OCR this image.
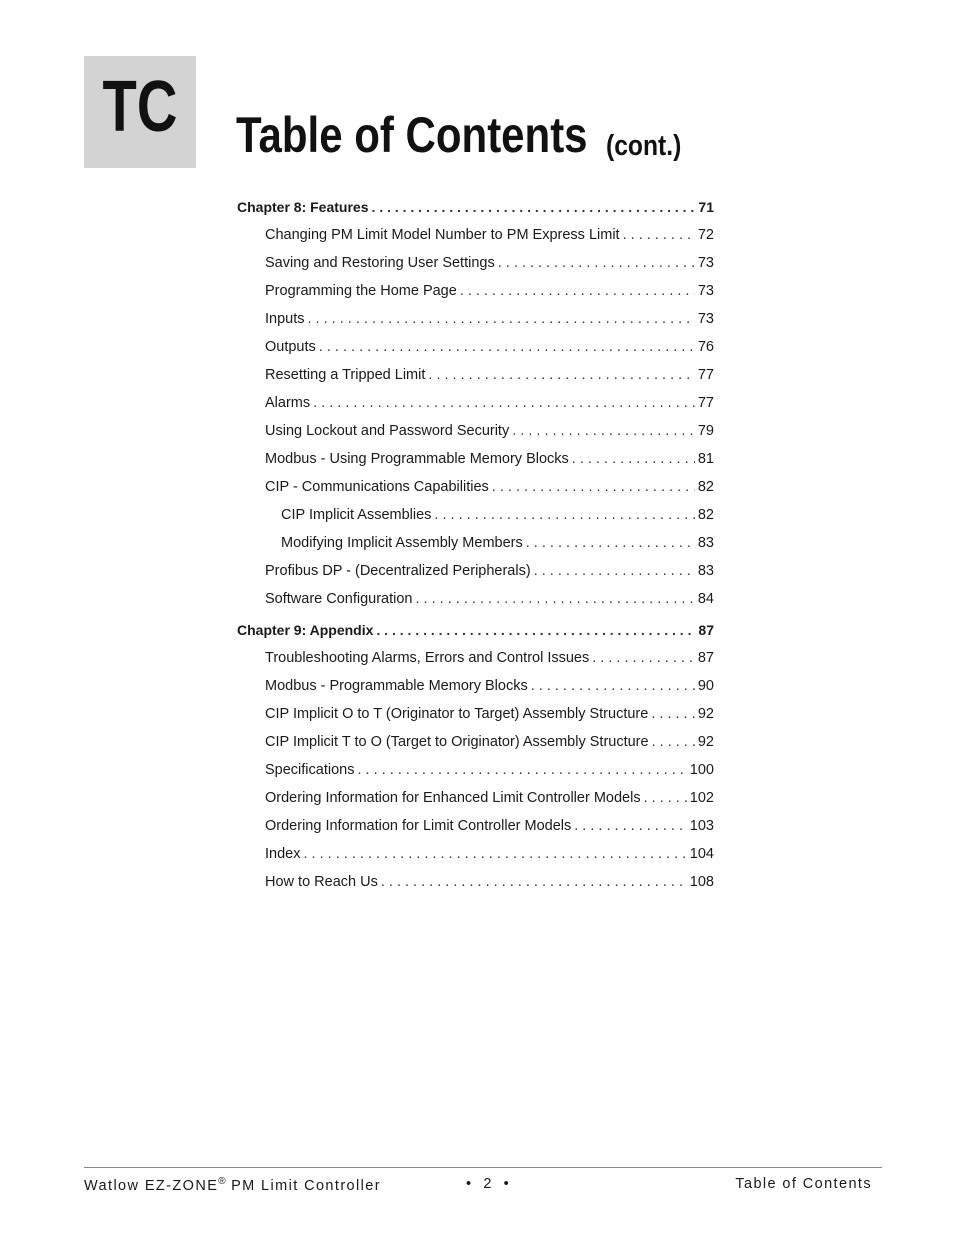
TC Table of Contents (cont.)
Chapter 8: Features . . .	71
Changing PM Limit Model Number to PM Express Limit . . .	72
Saving and Restoring User Settings . . .	73
Programming the Home Page . . .	73
Inputs . . .	73
Outputs . . .	76
Resetting a Tripped Limit . . .	77
Alarms . . .	77
Using Lockout and Password Security . . .	79
Modbus - Using Programmable Memory Blocks . . .	81
CIP - Communications Capabilities . . .	82
CIP Implicit Assemblies . . .	82
Modifying Implicit Assembly Members . . .	83
Profibus DP - (Decentralized Peripherals) . . .	83
Software Configuration . . .	84
Chapter 9: Appendix . . .	87
Troubleshooting Alarms, Errors and Control Issues . . .	87
Modbus - Programmable Memory Blocks . . .	90
CIP Implicit O to T (Originator to Target) Assembly Structure . . .	92
CIP Implicit T to O (Target to Originator) Assembly Structure . . .	92
Specifications . . .	100
Ordering Information for Enhanced Limit Controller Models . . .	102
Ordering Information for Limit Controller Models . . .	103
Index . . .	104
How to Reach Us . . .	108
Watlow EZ-ZONE® PM Limit Controller	•  2  •	Table of Contents
